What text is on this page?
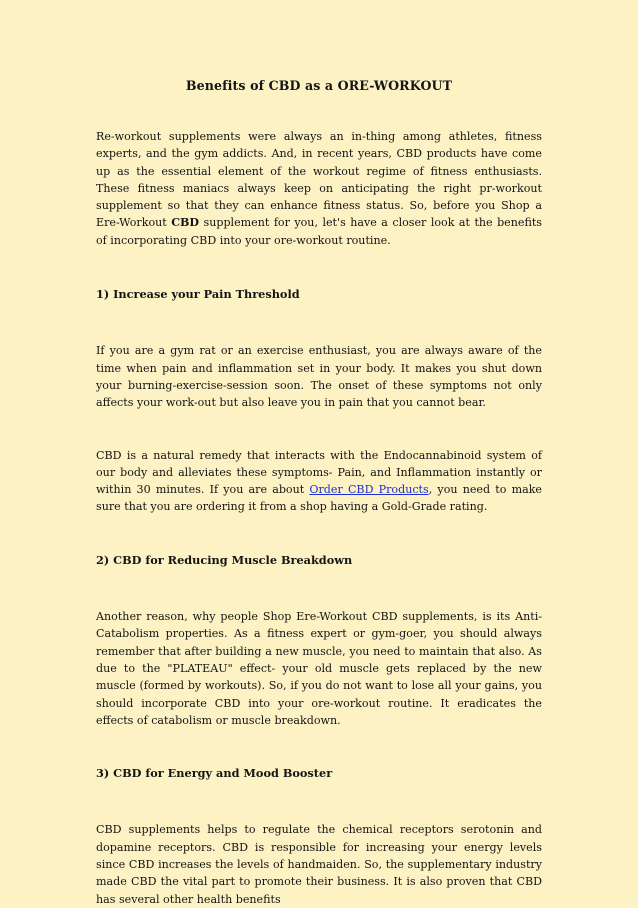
Benefits of CBD as a ORE-WORKOUT

Re-workout supplements were always an in-thing among athletes, fitness experts, and the gym addicts. And, in recent years, CBD products have come up as the essential element of the workout regime of fitness enthusiasts. These fitness maniacs always keep on anticipating the right pr-workout supplement so that they can enhance fitness status. So, before you Shop a Ere-Workout CBD supplement for you, let's have a closer look at the benefits of incorporating CBD into your ore-workout routine.

1) Increase your Pain Threshold

If you are a gym rat or an exercise enthusiast, you are always aware of the time when pain and inflammation set in your body. It makes you shut down your burning-exercise-session soon. The onset of these symptoms not only affects your work-out but also leave you in pain that you cannot bear.

CBD is a natural remedy that interacts with the Endocannabinoid system of our body and alleviates these symptoms- Pain, and Inflammation instantly or within 30 minutes. If you are about Order CBD Products, you need to make sure that you are ordering it from a shop having a Gold-Grade rating.

2) CBD for Reducing Muscle Breakdown

Another reason, why people Shop Ere-Workout CBD supplements, is its Anti-Catabolism properties. As a fitness expert or gym-goer, you should always remember that after building a new muscle, you need to maintain that also. As due to the "PLATEAU" effect- your old muscle gets replaced by the new muscle (formed by workouts). So, if you do not want to lose all your gains, you should incorporate CBD into your ore-workout routine. It eradicates the effects of catabolism or muscle breakdown.

3) CBD for Energy and Mood Booster

CBD supplements helps to regulate the chemical receptors serotonin and dopamine receptors. CBD is responsible for increasing your energy levels since CBD increases the levels of handmaiden. So, the supplementary industry made CBD the vital part to promote their business. It is also proven that CBD has several other health benefits
